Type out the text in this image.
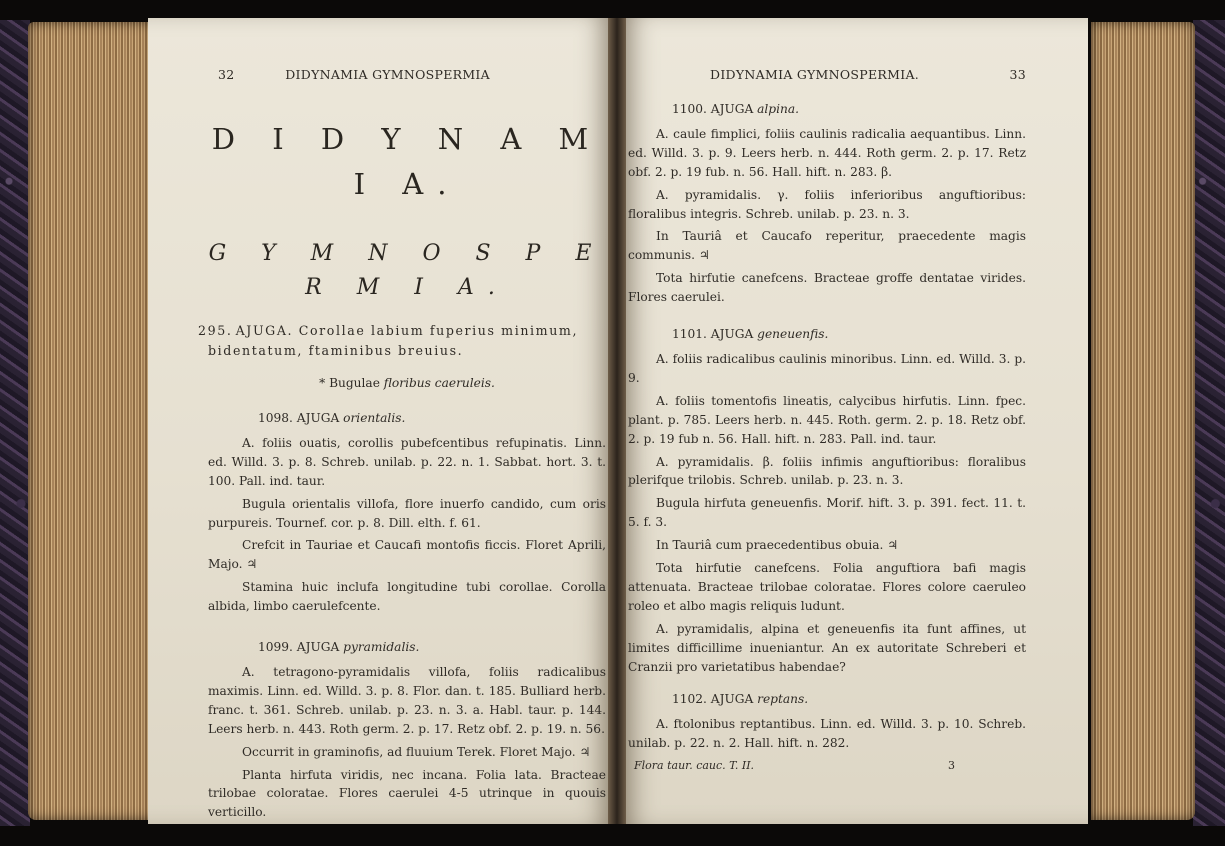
32	DIDYNAMIA GYMNOSPERMIA
D I D Y N A M I A.
G Y M N O S P E R M I A.
295. AJUGA. Corollae labium fuperius minimum, bidentatum, ftaminibus breuius.
* Bugulae floribus caeruleis.
1098. AJUGA orientalis.

A. foliis ouatis, corollis pubefcentibus refupinatis. Linn. ed. Willd. 3. p. 8. Schreb. unilab. p. 22. n. 1. Sabbat. hort. 3. t. 100. Pall. ind. taur.

Bugula orientalis villofa, flore inuerfo candido, cum oris purpureis. Tournef. cor. p. 8. Dill. elth. f. 61.

Crefcit in Tauriae et Caucafi montofis ficcis. Floret Aprili, Majo. ♃

Stamina huic inclufa longitudine tubi corollae. Corolla albida, limbo caerulefcente.

1099. AJUGA pyramidalis.

A. tetragono-pyramidalis villofa, foliis radicalibus maximis. Linn. ed. Willd. 3. p. 8. Flor. dan. t. 185. Bulliard herb. franc. t. 361. Schreb. unilab. p. 23. n. 3. a. Habl. taur. p. 144. Leers herb. n. 443. Roth germ. 2. p. 17. Retz obf. 2. p. 19. n. 56.

Occurrit in graminofis, ad fluuium Terek. Floret Majo. ♃

Planta hirfuta viridis, nec incana. Folia lata. Bracteae trilobae coloratae. Flores caerulei 4-5 utrinque in quouis verticillo.

DIDYNAMIA GYMNOSPERMIA.	33
1100. AJUGA alpina.

A. caule fimplici, foliis caulinis radicalia aequantibus. Linn. ed. Willd. 3. p. 9. Leers herb. n. 444. Roth germ. 2. p. 17. Retz obf. 2. p. 19 fub. n. 56. Hall. hift. n. 283. β.

A. pyramidalis. γ. foliis inferioribus anguftioribus: floralibus integris. Schreb. unilab. p. 23. n. 3.

In Tauriâ et Caucafo reperitur, praecedente magis communis. ♃

Tota hirfutie canefcens. Bracteae groffe dentatae virides. Flores caerulei.

1101. AJUGA geneuenfis.

A. foliis radicalibus caulinis minoribus. Linn. ed. Willd. 3. p. 9.

A. foliis tomentofis lineatis, calycibus hirfutis. Linn. fpec. plant. p. 785. Leers herb. n. 445. Roth. germ. 2. p. 18. Retz obf. 2. p. 19 fub n. 56. Hall. hift. n. 283. Pall. ind. taur.

A. pyramidalis. β. foliis infimis anguftioribus: floralibus plerifque trilobis. Schreb. unilab. p. 23. n. 3.

Bugula hirfuta geneuenfis. Morif. hift. 3. p. 391. fect. 11. t. 5. f. 3.

In Tauriâ cum praecedentibus obuia. ♃

Tota hirfutie canefcens. Folia anguftiora bafi magis attenuata. Bracteae trilobae coloratae. Flores colore caeruleo roleo et albo magis reliquis ludunt.

A. pyramidalis, alpina et geneuenfis ita funt affines, ut limites difficillime inueniantur. An ex autoritate Schreberi et Cranzii pro varietatibus habendae?

1102. AJUGA reptans.

A. ftolonibus reptantibus. Linn. ed. Willd. 3. p. 10. Schreb. unilab. p. 22. n. 2. Hall. hift. n. 282.

Flora taur. cauc. T. II.	3
